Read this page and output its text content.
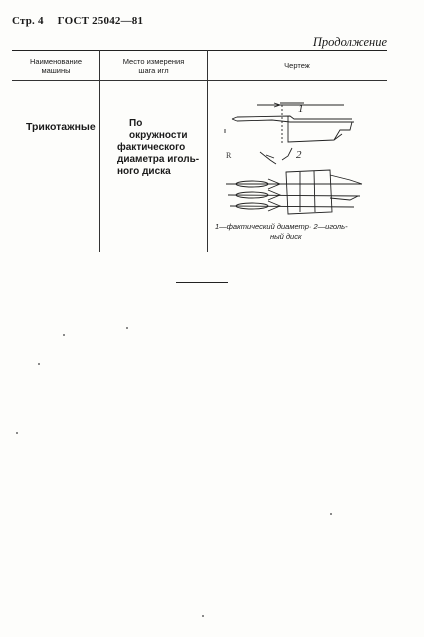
Стр. 4 ГОСТ 25042—81
Продолжение
Наименование
машины
Место измерения
шага игл
Чертеж
Трикотажные	По окружности
фактического
диаметра иголь-
ного диска
1
2
R
1—фактический диаметр· 2—иголь-
ный диск
